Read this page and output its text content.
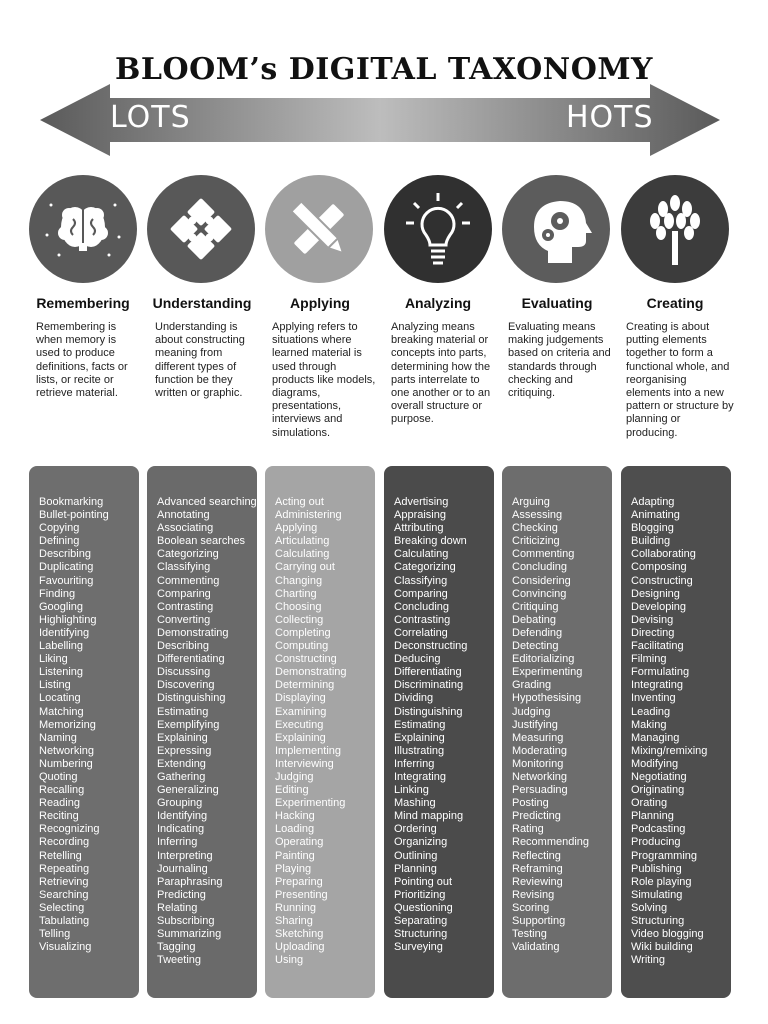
BLOOM’s DIGITAL TAXONOMY
LOTS	HOTS
Remembering
Remembering is when memory is used to produce definitions, facts or lists, or recite or retrieve material.
Understanding
Understanding is about constructing meaning from different types of function be they written or graphic.
Applying
Applying refers to situations where learned material is used through products like models, diagrams, presentations, interviews and simulations.
Analyzing
Analyzing means breaking material or concepts into parts, determining how the parts interrelate to one another or to an overall structure or purpose.
Evaluating
Evaluating means making judgements based on criteria and standards through checking and critiquing.
Creating
Creating is about putting elements together to form a functional whole, and reorganising elements into a new pattern or structure by planning or producing.
Bookmarking
Bullet-pointing
Copying
Defining
Describing
Duplicating
Favouriting
Finding
Googling
Highlighting
Identifying
Labelling
Liking
Listening
Listing
Locating
Matching
Memorizing
Naming
Networking
Numbering
Quoting
Recalling
Reading
Reciting
Recognizing
Recording
Retelling
Repeating
Retrieving
Searching
Selecting
Tabulating
Telling
Visualizing
Advanced searching
Annotating
Associating
Boolean searches
Categorizing
Classifying
Commenting
Comparing
Contrasting
Converting
Demonstrating
Describing
Differentiating
Discussing
Discovering
Distinguishing
Estimating
Exemplifying
Explaining
Expressing
Extending
Gathering
Generalizing
Grouping
Identifying
Indicating
Inferring
Interpreting
Journaling
Paraphrasing
Predicting
Relating
Subscribing
Summarizing
Tagging
Tweeting
Acting out
Administering
Applying
Articulating
Calculating
Carrying out
Changing
Charting
Choosing
Collecting
Completing
Computing
Constructing
Demonstrating
Determining
Displaying
Examining
Executing
Explaining
Implementing
Interviewing
Judging
Editing
Experimenting
Hacking
Loading
Operating
Painting
Playing
Preparing
Presenting
Running
Sharing
Sketching
Uploading
Using
Advertising
Appraising
Attributing
Breaking down
Calculating
Categorizing
Classifying
Comparing
Concluding
Contrasting
Correlating
Deconstructing
Deducing
Differentiating
Discriminating
Dividing
Distinguishing
Estimating
Explaining
Illustrating
Inferring
Integrating
Linking
Mashing
Mind mapping
Ordering
Organizing
Outlining
Planning
Pointing out
Prioritizing
Questioning
Separating
Structuring
Surveying
Arguing
Assessing
Checking
Criticizing
Commenting
Concluding
Considering
Convincing
Critiquing
Debating
Defending
Detecting
Editorializing
Experimenting
Grading
Hypothesising
Judging
Justifying
Measuring
Moderating
Monitoring
Networking
Persuading
Posting
Predicting
Rating
Recommending
Reflecting
Reframing
Reviewing
Revising
Scoring
Supporting
Testing
Validating
Adapting
Animating
Blogging
Building
Collaborating
Composing
Constructing
Designing
Developing
Devising
Directing
Facilitating
Filming
Formulating
Integrating
Inventing
Leading
Making
Managing
Mixing/remixing
Modifying
Negotiating
Originating
Orating
Planning
Podcasting
Producing
Programming
Publishing
Role playing
Simulating
Solving
Structuring
Video blogging
Wiki building
Writing
